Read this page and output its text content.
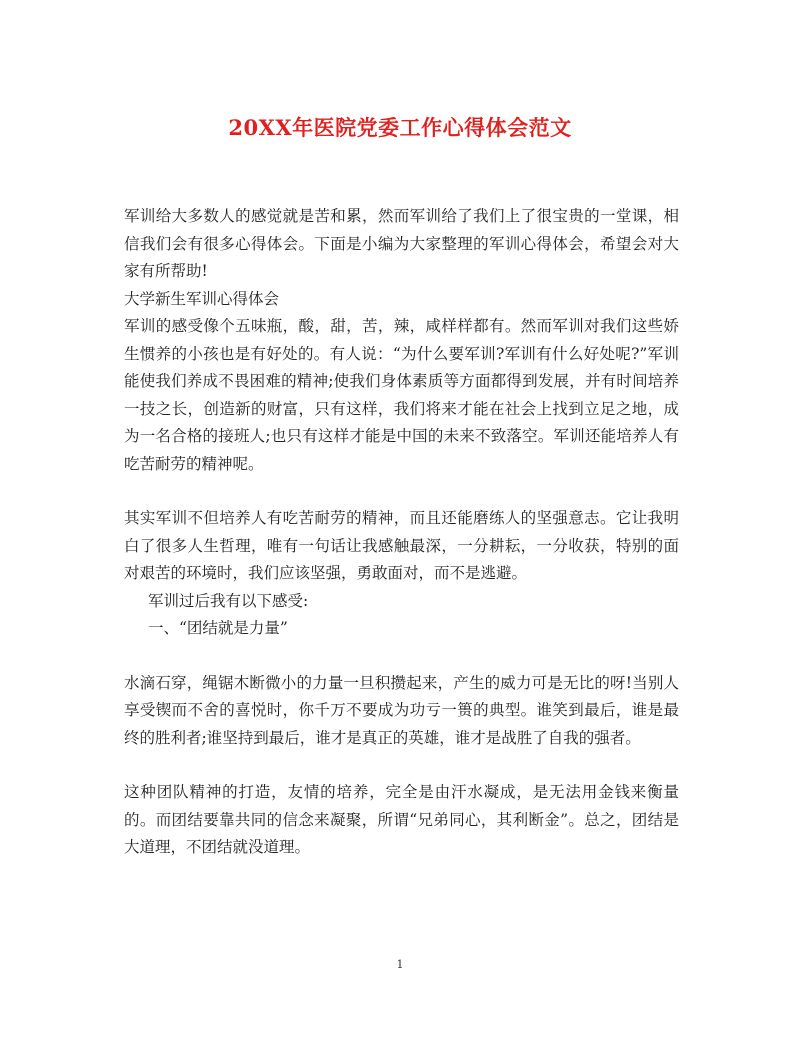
20XX年医院党委工作心得体会范文

军训给大多数人的感觉就是苦和累，然而军训给了我们上了很宝贵的一堂课，相信我们会有很多心得体会。下面是小编为大家整理的军训心得体会，希望会对大家有所帮助!

大学新生军训心得体会

军训的感受像个五味瓶，酸，甜，苦，辣，咸样样都有。然而军训对我们这些娇生惯养的小孩也是有好处的。有人说：“为什么要军训?军训有什么好处呢?”军训能使我们养成不畏困难的精神;使我们身体素质等方面都得到发展，并有时间培养一技之长，创造新的财富，只有这样，我们将来才能在社会上找到立足之地，成为一名合格的接班人;也只有这样才能是中国的未来不致落空。军训还能培养人有吃苦耐劳的精神呢。

其实军训不但培养人有吃苦耐劳的精神，而且还能磨练人的坚强意志。它让我明白了很多人生哲理，唯有一句话让我感触最深，一分耕耘，一分收获，特别的面对艰苦的环境时，我们应该坚强，勇敢面对，而不是逃避。

军训过后我有以下感受:

一、“团结就是力量”

水滴石穿，绳锯木断微小的力量一旦积攒起来，产生的威力可是无比的呀!当别人享受锲而不舍的喜悦时，你千万不要成为功亏一篑的典型。谁笑到最后，谁是最终的胜利者;谁坚持到最后，谁才是真正的英雄，谁才是战胜了自我的强者。

这种团队精神的打造，友情的培养，完全是由汗水凝成，是无法用金钱来衡量的。而团结要靠共同的信念来凝聚，所谓“兄弟同心，其利断金”。总之，团结是大道理，不团结就没道理。

1
